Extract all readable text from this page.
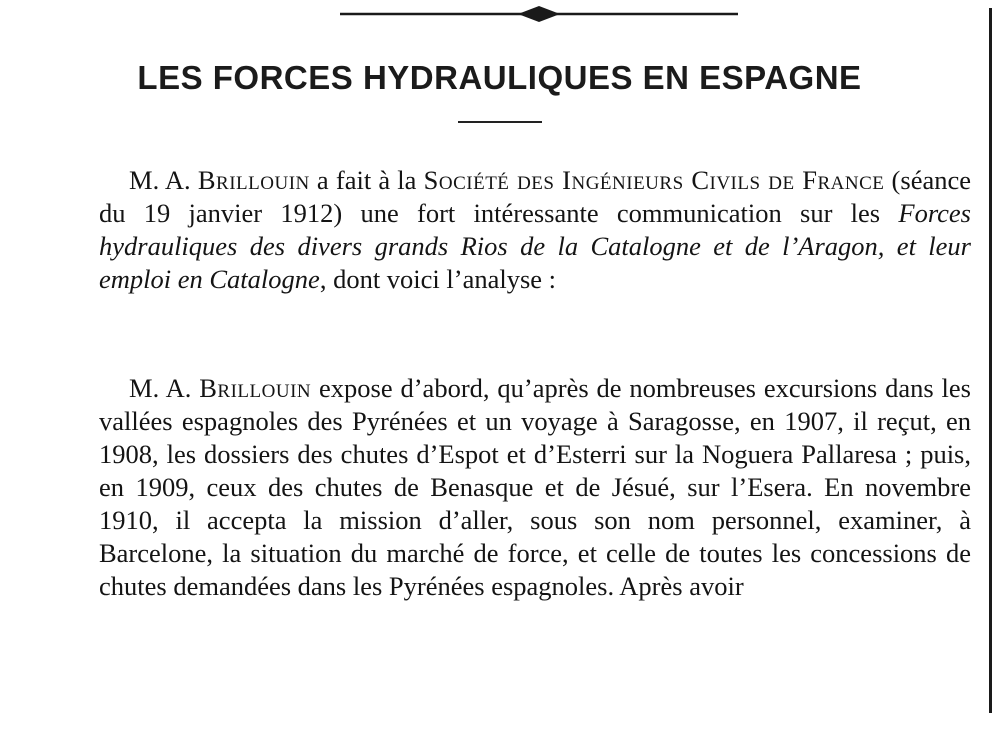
LES FORCES HYDRAULIQUES EN ESPAGNE

M. A. Brillouin a fait à la Société des Ingénieurs Civils de France (séance du 19 janvier 1912) une fort intéressante communication sur les Forces hydrauliques des divers grands Rios de la Catalogne et de l’Aragon, et leur emploi en Catalogne, dont voici l’analyse :

M. A. Brillouin expose d’abord, qu’après de nombreuses excursions dans les vallées espagnoles des Pyrénées et un voyage à Saragosse, en 1907, il reçut, en 1908, les dossiers des chutes d’Espot et d’Esterri sur la Noguera Pallaresa ; puis, en 1909, ceux des chutes de Benasque et de Jésué, sur l’Esera. En novembre 1910, il accepta la mission d’aller, sous son nom personnel, examiner, à Barcelone, la situation du marché de force, et celle de toutes les concessions de chutes demandées dans les Pyrénées espagnoles. Après avoir
